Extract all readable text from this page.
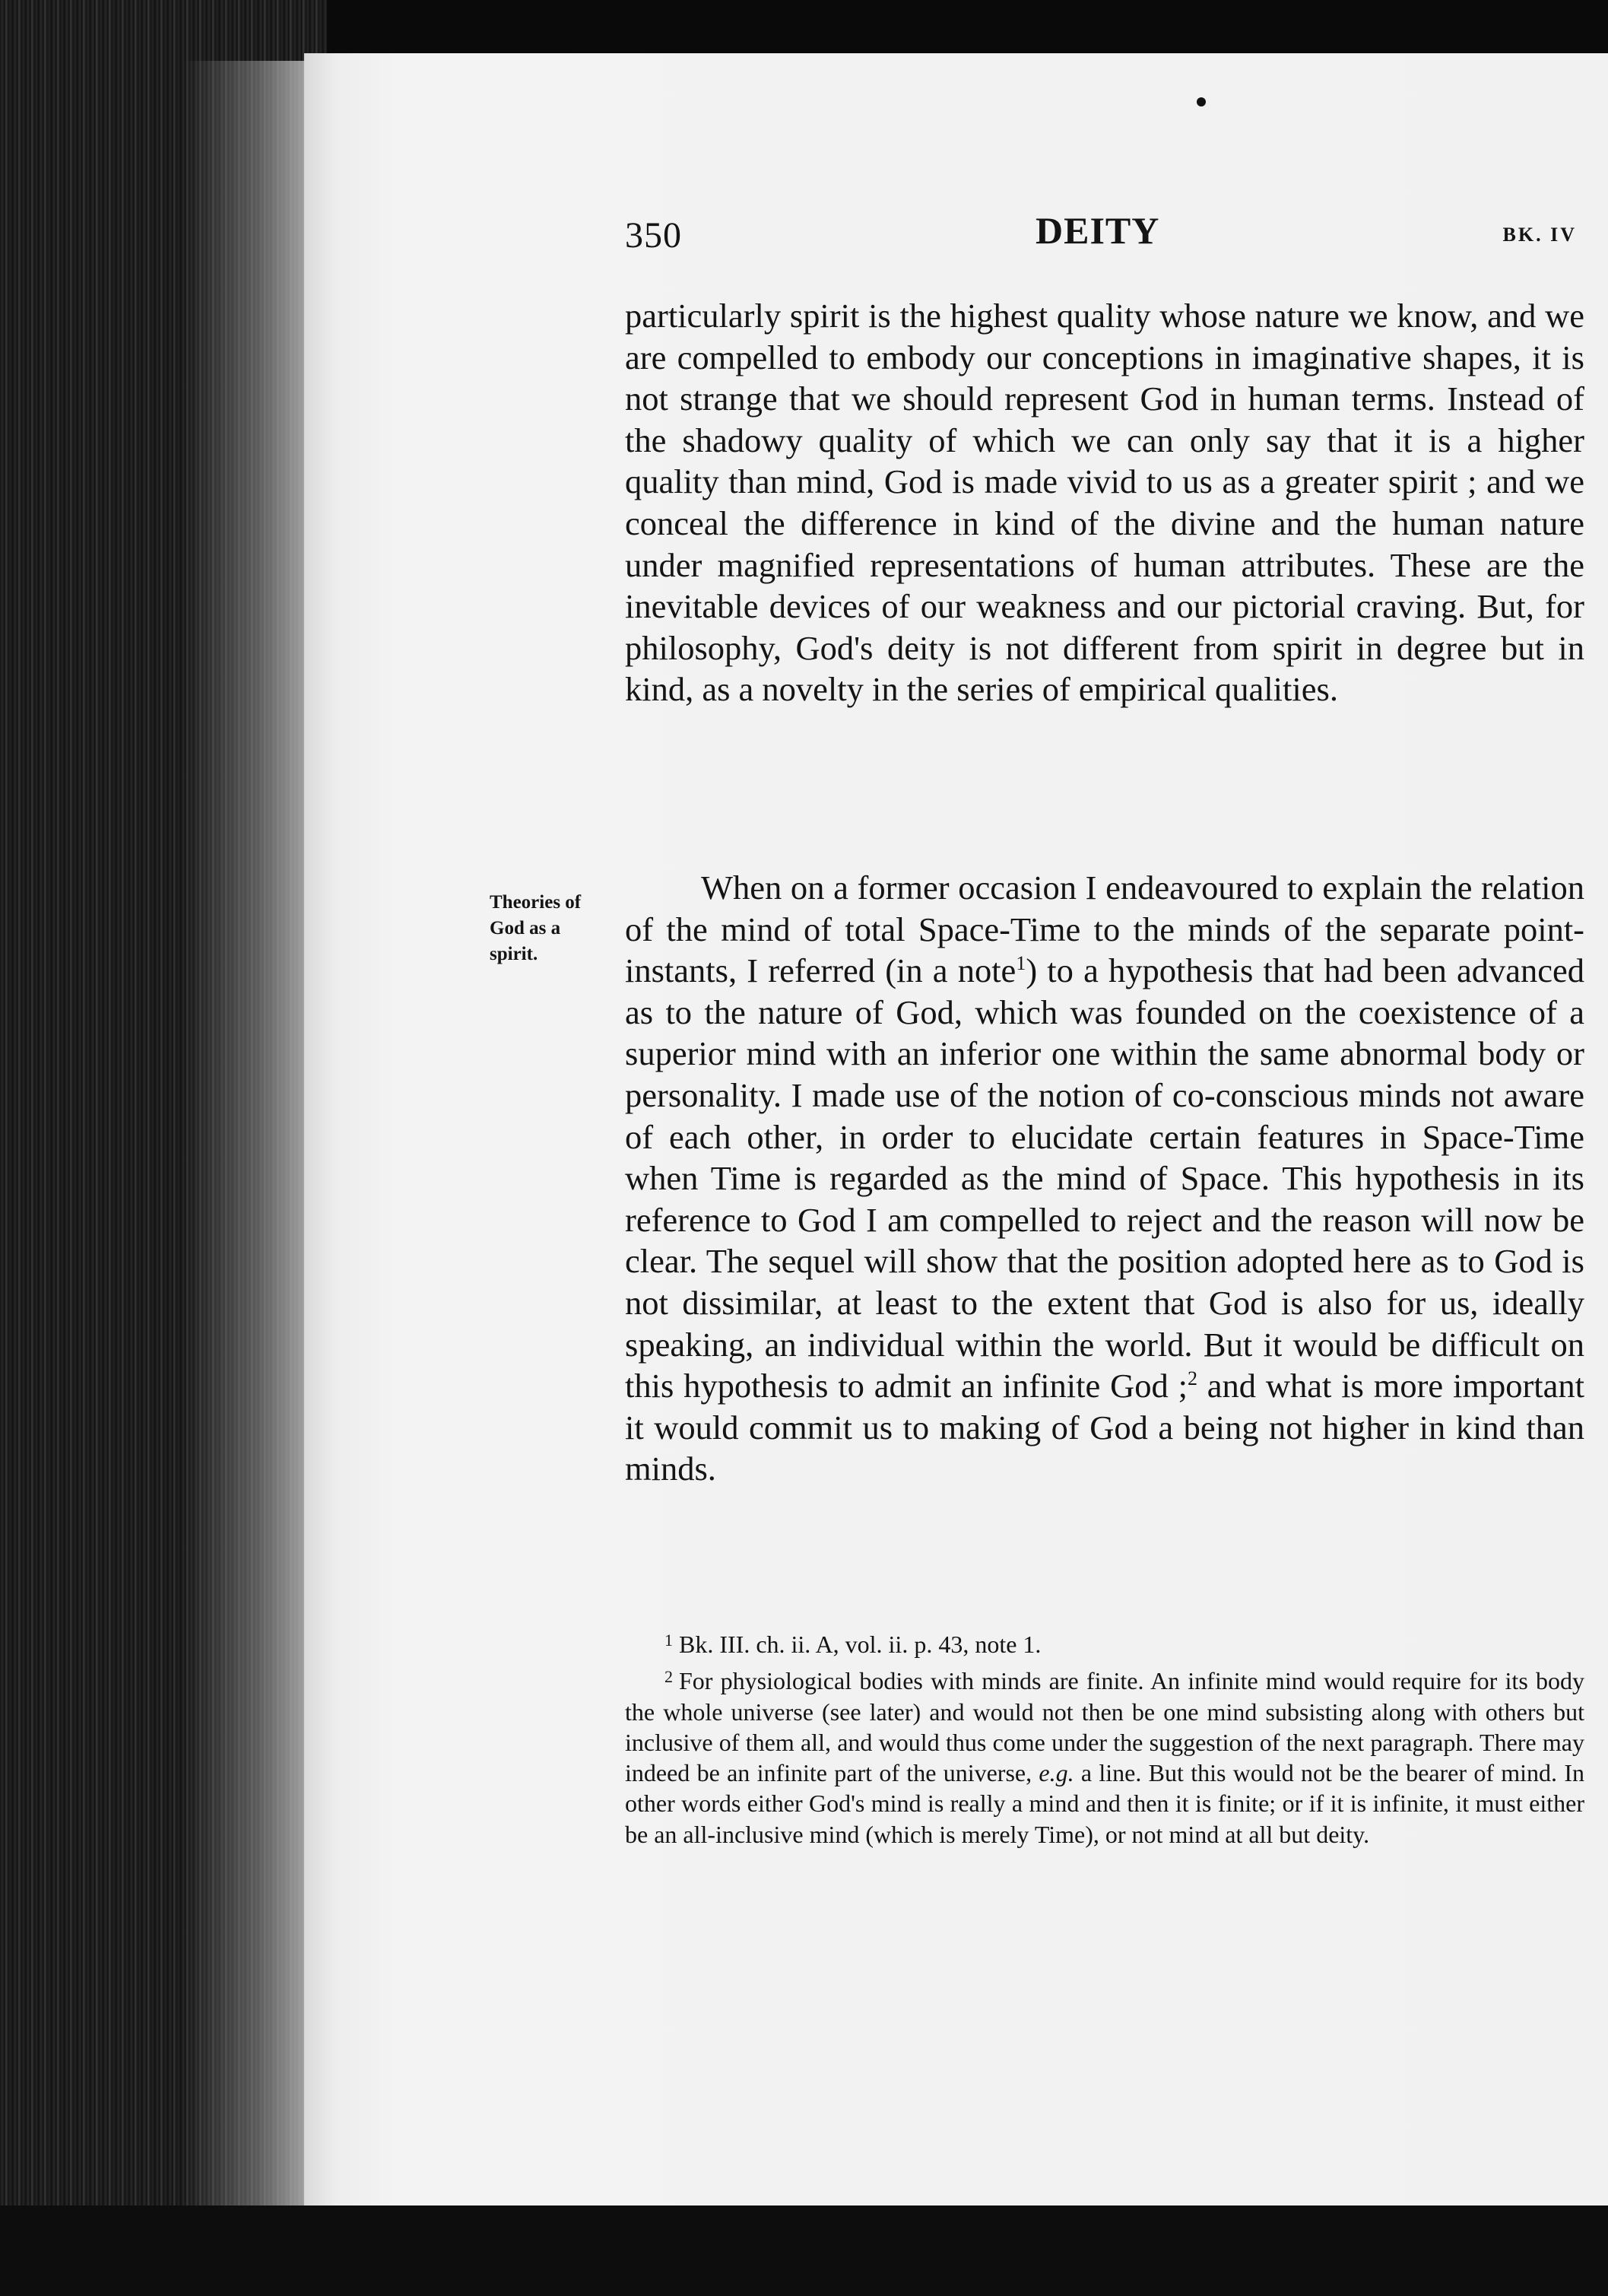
350	DEITY	BK. IV
Theories of
God as a
spirit.

particularly spirit is the highest quality whose nature we know, and we are compelled to embody our conceptions in imaginative shapes, it is not strange that we should represent God in human terms. Instead of the shadowy quality of which we can only say that it is a higher quality than mind, God is made vivid to us as a greater spirit ; and we conceal the difference in kind of the divine and the human nature under magnified representations of human attributes. These are the inevitable devices of our weakness and our pictorial craving. But, for philosophy, God's deity is not different from spirit in degree but in kind, as a novelty in the series of empirical qualities.

When on a former occasion I endeavoured to explain the relation of the mind of total Space-Time to the minds of the separate point-instants, I referred (in a note$^1$) to a hypothesis that had been advanced as to the nature of God, which was founded on the coexistence of a superior mind with an inferior one within the same abnormal body or personality. I made use of the notion of co-conscious minds not aware of each other, in order to elucidate certain features in Space-Time when Time is regarded as the mind of Space. This hypothesis in its reference to God I am compelled to reject and the reason will now be clear. The sequel will show that the position adopted here as to God is not dissimilar, at least to the extent that God is also for us, ideally speaking, an individual within the world. But it would be difficult on this hypothesis to admit an infinite God ;$^2$ and what is more important it would commit us to making of God a being not higher in kind than minds.

$^1$ Bk. III. ch. ii. A, vol. ii. p. 43, note 1.

$^2$ For physiological bodies with minds are finite. An infinite mind would require for its body the whole universe (see later) and would not then be one mind subsisting along with others but inclusive of them all, and would thus come under the suggestion of the next paragraph. There may indeed be an infinite part of the universe, e.g. a line. But this would not be the bearer of mind. In other words either God's mind is really a mind and then it is finite; or if it is infinite, it must either be an all-inclusive mind (which is merely Time), or not mind at all but deity.
